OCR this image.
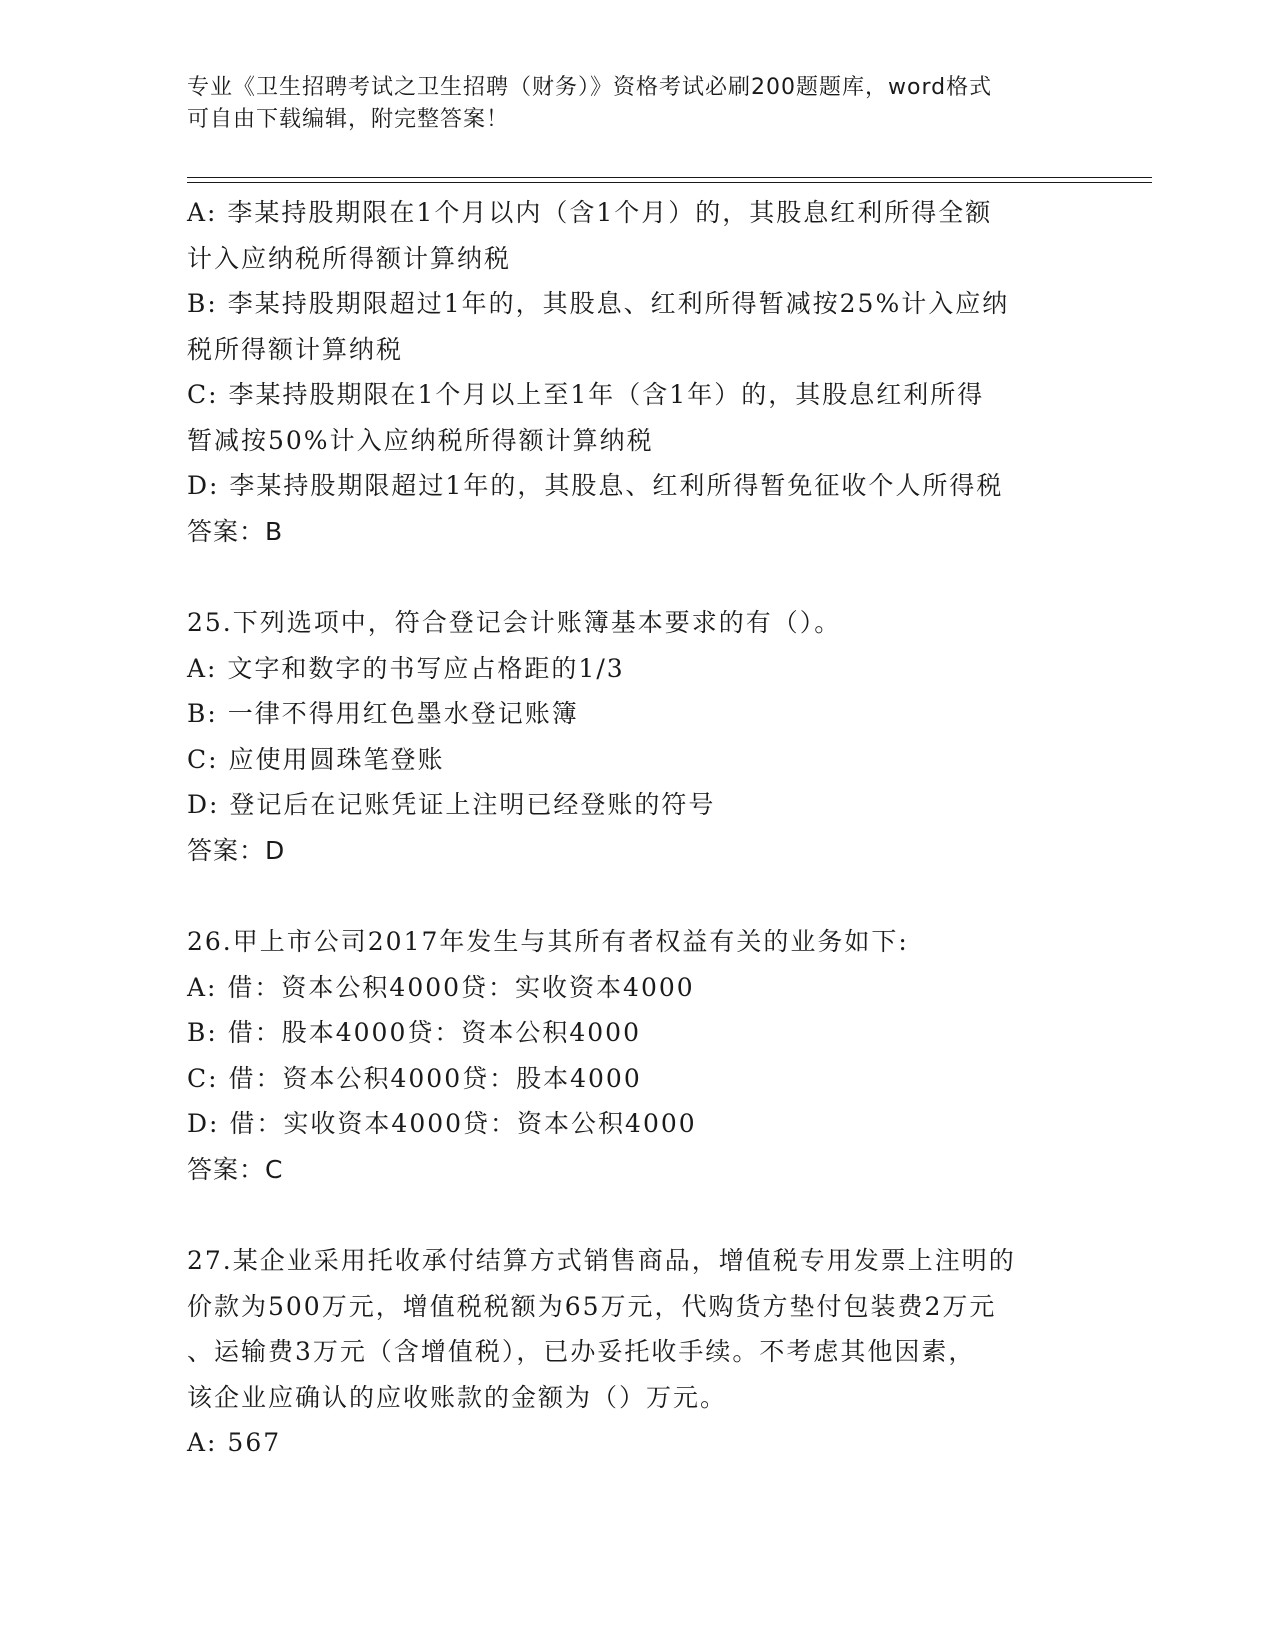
专业《卫生招聘考试之卫生招聘（财务）》资格考试必刷200题题库，word格式
可自由下载编辑，附完整答案！

A: 李某持股期限在1个月以内（含1个月）的，其股息红利所得全额

计入应纳税所得额计算纳税

B: 李某持股期限超过1年的，其股息、红利所得暂减按25%计入应纳

税所得额计算纳税

C: 李某持股期限在1个月以上至1年（含1年）的，其股息红利所得

暂减按50%计入应纳税所得额计算纳税

D: 李某持股期限超过1年的，其股息、红利所得暂免征收个人所得税

答案：B

25.下列选项中，符合登记会计账簿基本要求的有（）。

A: 文字和数字的书写应占格距的1/3

B: 一律不得用红色墨水登记账簿

C: 应使用圆珠笔登账

D: 登记后在记账凭证上注明已经登账的符号

答案：D

26.甲上市公司2017年发生与其所有者权益有关的业务如下:

A: 借：资本公积4000贷：实收资本4000

B: 借：股本4000贷：资本公积4000

C: 借：资本公积4000贷：股本4000

D: 借：实收资本4000贷：资本公积4000

答案：C

27.某企业采用托收承付结算方式销售商品，增值税专用发票上注明的

价款为500万元，增值税税额为65万元，代购货方垫付包装费2万元

、运输费3万元（含增值税），已办妥托收手续。不考虑其他因素，

该企业应确认的应收账款的金额为（）万元。

A: 567
